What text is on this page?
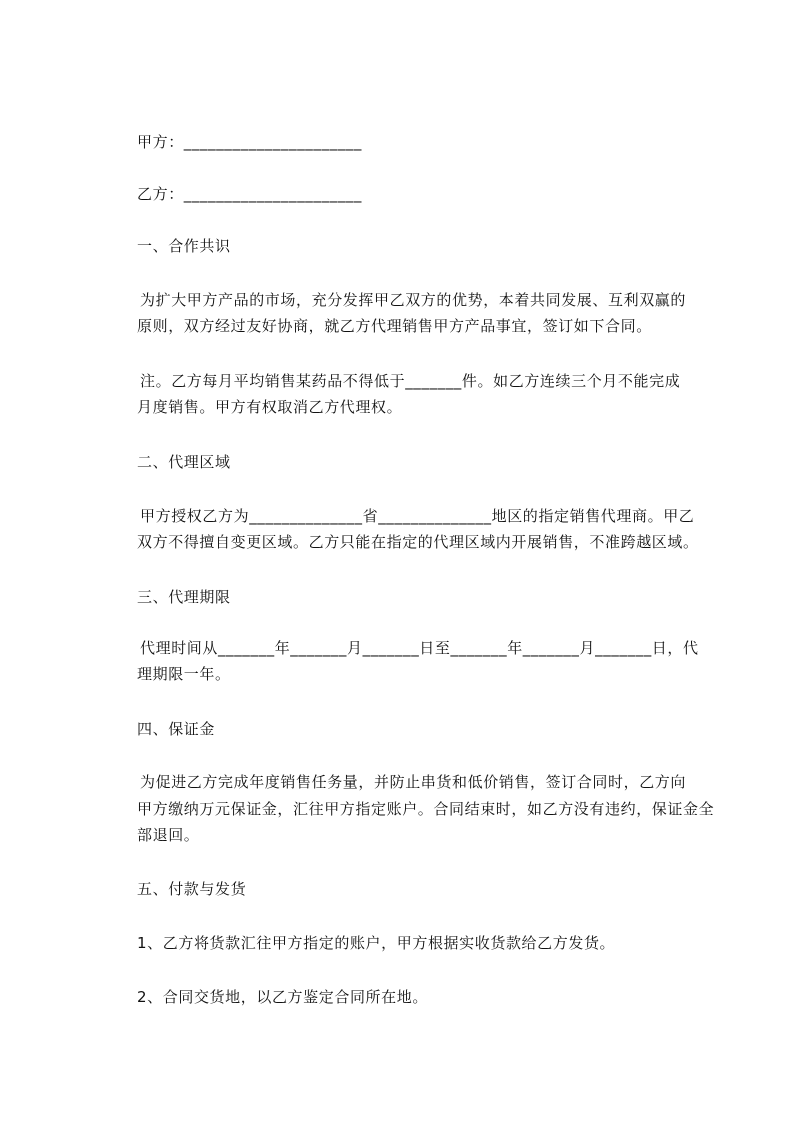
甲方：______________________
乙方：______________________
一、合作共识
为扩大甲方产品的市场，充分发挥甲乙双方的优势，本着共同发展、互利双赢的
原则，双方经过友好协商，就乙方代理销售甲方产品事宜，签订如下合同。
注。乙方每月平均销售某药品不得低于_______件。如乙方连续三个月不能完成
月度销售。甲方有权取消乙方代理权。
二、代理区域
甲方授权乙方为______________省______________地区的指定销售代理商。甲乙
双方不得擅自变更区域。乙方只能在指定的代理区域内开展销售，不准跨越区域。
三、代理期限
代理时间从_______年_______月_______日至_______年_______月_______日，代
理期限一年。
四、保证金
为促进乙方完成年度销售任务量，并防止串货和低价销售，签订合同时，乙方向
甲方缴纳万元保证金，汇往甲方指定账户。合同结束时，如乙方没有违约，保证金全
部退回。
五、付款与发货
1、乙方将货款汇往甲方指定的账户，甲方根据实收货款给乙方发货。
2、合同交货地，以乙方鉴定合同所在地。
